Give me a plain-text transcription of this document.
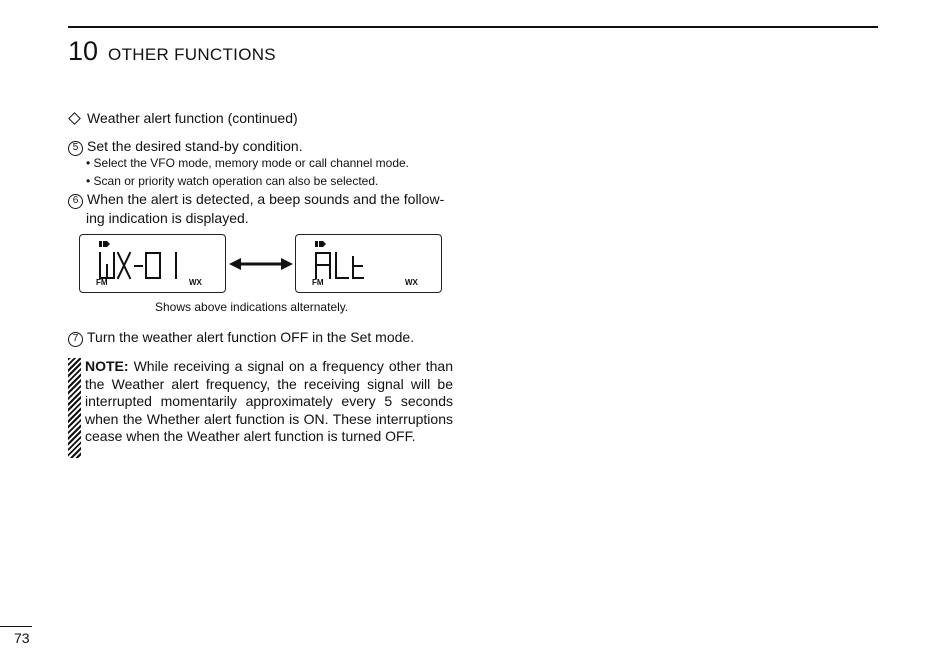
10 OTHER FUNCTIONS
Weather alert function (continued)
5 Set the desired stand-by condition.
• Select the VFO mode, memory mode or call channel mode.
• Scan or priority watch operation can also be selected.
6 When the alert is detected, a beep sounds and the follow-
ing indication is displayed.
FM	WX	FM	WX
Shows above indications alternately.
7 Turn the weather alert function OFF in the Set mode.
NOTE: While receiving a signal on a frequency other than the Weather alert frequency, the receiving signal will be interrupted momentarily approximately every 5 seconds when the Whether alert function is ON. These interruptions cease when the Weather alert function is turned OFF.
73
